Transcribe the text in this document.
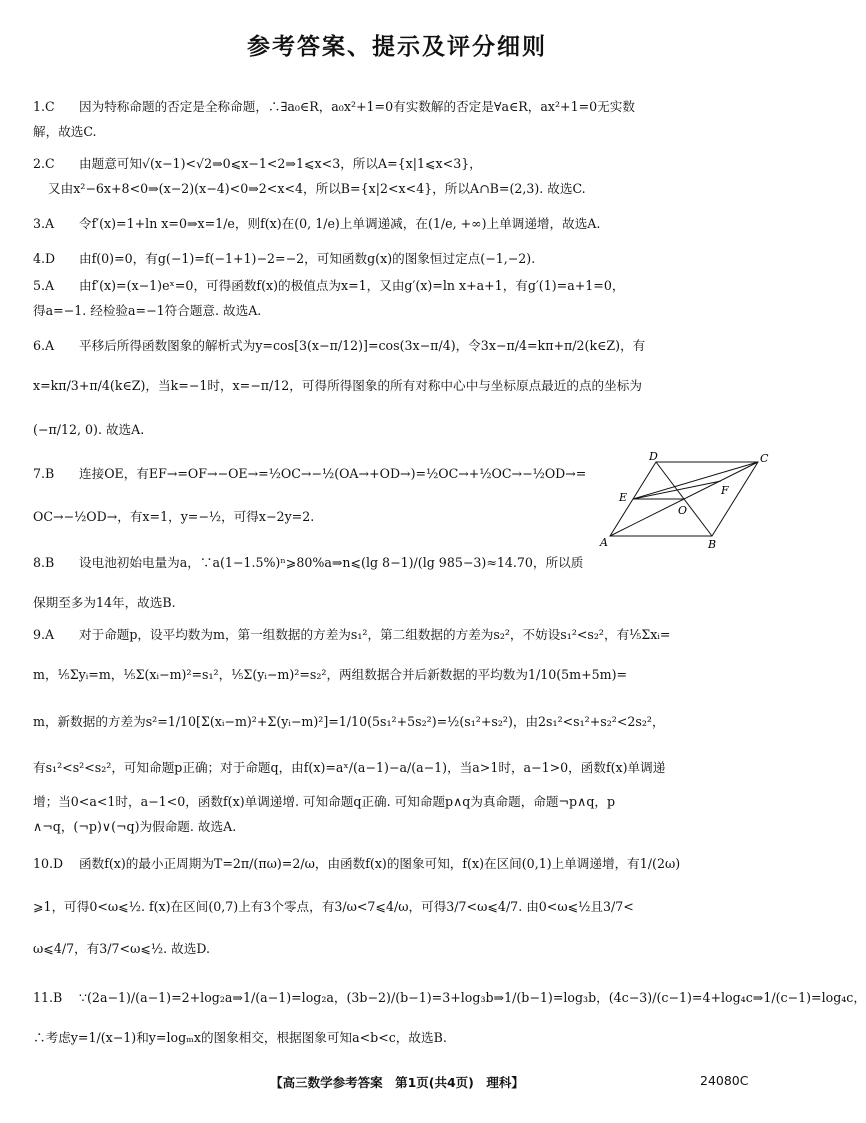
参考答案、提示及评分细则
1.C 因为特称命题的否定是全称命题，∴∃a₀∈R，a₀x²+1=0有实数解的否定是∀a∈R，ax²+1=0无实数
解，故选C.
2.C 由题意可知√(x−1)<√2⇒0⩽x−1<2⇒1⩽x<3，所以A={x|1⩽x<3}，
又由x²−6x+8<0⇒(x−2)(x−4)<0⇒2<x<4，所以B={x|2<x<4}，所以A∩B=(2,3). 故选C.
3.A 令f′(x)=1+ln x=0⇒x=1/e，则f(x)在(0, 1/e)上单调递减，在(1/e, +∞)上单调递增，故选A.
4.D 由f(0)=0，有g(−1)=f(−1+1)−2=−2，可知函数g(x)的图象恒过定点(−1,−2).
5.A 由f′(x)=(x−1)eˣ=0，可得函数f(x)的极值点为x=1，又由g′(x)=ln x+a+1，有g′(1)=a+1=0，
得a=−1. 经检验a=−1符合题意. 故选A.
6.A 平移后所得函数图象的解析式为y=cos[3(x−π/12)]=cos(3x−π/4)，令3x−π/4=kπ+π/2(k∈Z)，有
x=kπ/3+π/4(k∈Z)，当k=−1时，x=−π/12，可得所得图象的所有对称中心中与坐标原点最近的点的坐标为
(−π/12, 0). 故选A.
7.B 连接OE，有EF→=OF→−OE→=½OC→−½(OA→+OD→)=½OC→+½OC→−½OD→=
OC→−½OD→，有x=1，y=−½，可得x−2y=2.
D	C
E
F
O
A	B
8.B 设电池初始电量为a，∵a(1−1.5%)ⁿ⩾80%a⇒n⩽(lg 8−1)/(lg 985−3)≈14.70，所以质
保期至多为14年，故选B.
9.A 对于命题p，设平均数为m，第一组数据的方差为s₁²，第二组数据的方差为s₂²，不妨设s₁²<s₂²，有⅕Σxᵢ=
m，⅕Σyᵢ=m，⅕Σ(xᵢ−m)²=s₁²，⅕Σ(yᵢ−m)²=s₂²，两组数据合并后新数据的平均数为1/10(5m+5m)=
m，新数据的方差为s²=1/10[Σ(xᵢ−m)²+Σ(yᵢ−m)²]=1/10(5s₁²+5s₂²)=½(s₁²+s₂²)，由2s₁²<s₁²+s₂²<2s₂²，
有s₁²<s²<s₂²，可知命题p正确；对于命题q，由f(x)=aˣ/(a−1)−a/(a−1)，当a>1时，a−1>0，函数f(x)单调递
增；当0<a<1时，a−1<0，函数f(x)单调递增. 可知命题q正确. 可知命题p∧q为真命题，命题¬p∧q，p
∧¬q，(¬p)∨(¬q)为假命题. 故选A.
10.D 函数f(x)的最小正周期为T=2π/(πω)=2/ω，由函数f(x)的图象可知，f(x)在区间(0,1)上单调递增，有1/(2ω)
⩾1，可得0<ω⩽½. f(x)在区间(0,7)上有3个零点，有3/ω<7⩽4/ω，可得3/7<ω⩽4/7. 由0<ω⩽½且3/7<
ω⩽4/7，有3/7<ω⩽½. 故选D.
11.B ∵(2a−1)/(a−1)=2+log₂a⇒1/(a−1)=log₂a，(3b−2)/(b−1)=3+log₃b⇒1/(b−1)=log₃b，(4c−3)/(c−1)=4+log₄c⇒1/(c−1)=log₄c，
∴考虑y=1/(x−1)和y=logₘx的图象相交，根据图象可知a<b<c，故选B.
【高三数学参考答案　第1页(共4页)　理科】	24080C
